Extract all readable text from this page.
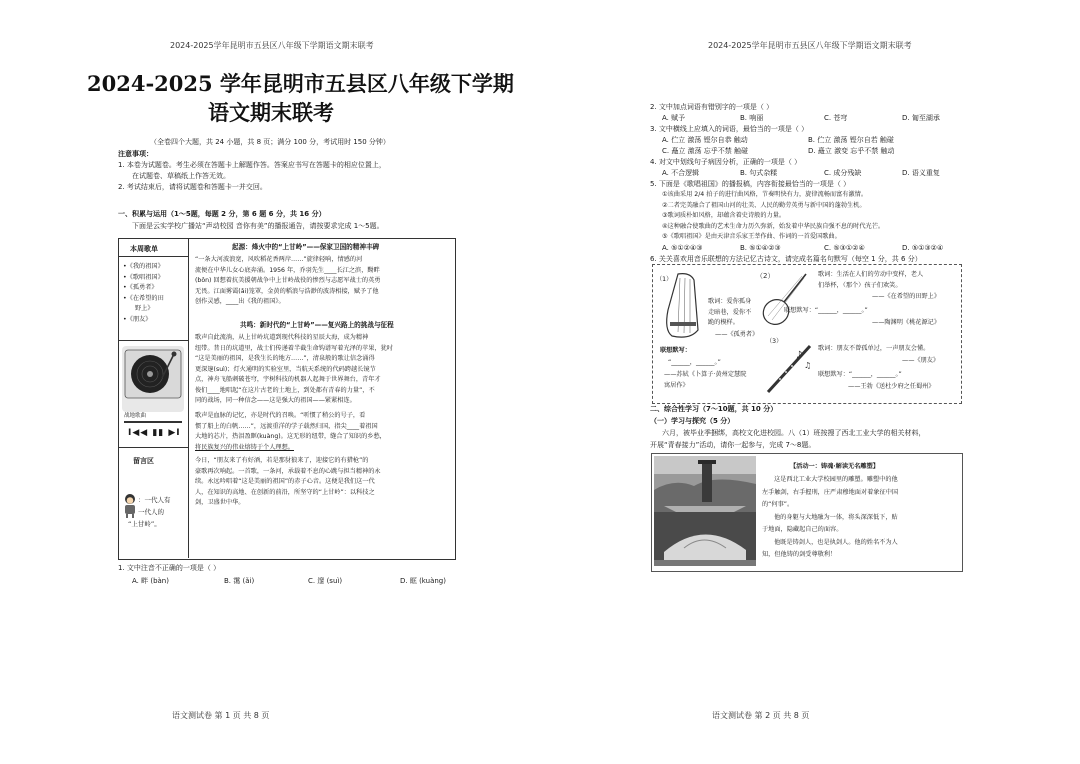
2024-2025学年昆明市五县区八年级下学期语文期末联考
2024-2025 学年昆明市五县区八年级下学期
语文期末联考
（全卷四个大题，共 24 小题，共 8 页；满分 100 分，考试用时 150 分钟）
注意事项：
1. 本卷为试题卷。考生必须在答题卡上解题作答。答案应书写在答题卡的相应位置上，
在试题卷、草稿纸上作答无效。
2. 考试结束后，请将试题卷和答题卡一并交回。
一、积累与运用（1～5题，每题 2 分，第 6 题 6 分，共 16 分）
下面是云实学校广播站“声动校园 音你有美”的播报通告，请按要求完成 1～5题。
本周歌单
•《我的祖国》
•《歌唱祖国》
•《孤勇者》
•《在希望的田
野上》
•《朋友》
战地歌曲
I◀◀ ▮▮ ▶I
留言区
：一代人有
一代人的
“上甘岭”。
起源：烽火中的“上甘岭”——保家卫国的精神丰碑
“一条大河波浪宽，风吹稻花香两岸……”旋律轻响，情感的河
流便在中华儿女心底奔涌。1956 年，乔羽先生____长江之滨，黝畔
(bǒn) 回想着抗美援朝战争中上甘岭战役的惨烈与志愿军战士的英勇
无畏。江面雾霭(ǎi)笼罩，金黄的稻浪与浩渺的波涛相接，赋予了他
创作灵感，____出《我的祖国》。
共鸣：新时代的“上甘岭”——复兴路上的挑战与征程
歌声自此流淌，从上甘岭坑道到现代科技的星辰大海，成为精神
纽带。昔日的坑道里，战士们传递着半截生命钩谱写着光泽的苹果，犹吋
“这是美丽的祖国，是我生长的地方……”，清泉般的歌让信念涌得
更深邃(suì)；灯火通明的实验室里，当航天系统的代码跨越长镜节
点，神舟飞船刺破苍穹，宇树科技的机器人起舞于世界舞台，青年才
俊们____地唱起“在这片古老的土地上，到处都有青春的力量”，不
同的战场，同一种信念——这是强大的祖国——紧紧相连。
歌声是血脉的记忆，亦是时代的召唤。“听惯了稍公的号子，看
惯了船上的白帆……”，远渡重洋的学子载然归国，指尖____着祖国
大地的芯片，热泪盈眶(kuàng)。这无形的纽带，缝合了知识的乡愁，
将民族复兴的伟业熔铸于个人理想。
今日，“朋友来了有好酒，若是那豺狼来了，迎接它的有猎枪”的
豪歌再次响起。一首歌，一条河，承载着不息的心跳与担当精神的永
续。永远吟唱着“这是美丽的祖国”的赤子心音。这便是我们这一代
人，在知识的高地、在创新的前沿，所坚守的“上甘岭”：以科技之
剑，卫盛世中华。
1. 文中注音不正确的一项是（ ）
A. 畔 (bàn)	B. 霭 (ǎi)	C. 邃 (suì)	D. 眶 (kuàng)
语文测试卷 第 1 页 共 8 页
2024-2025学年昆明市五县区八年级下学期语文期末联考
2. 文中加点词语有错别字的一项是（ ）
A. 赋予	B. 响丽	C. 苍穹	D. 匍至湖承
3. 文中横线上应填入的词语，最恰当的一项是（ ）
A. 伫立 激荡 铿尔自恭 触动	B. 伫立 激荡 铿尔自若 触碰
C. 矗立 激荡 忘乎不禁 触碰	D. 矗立 激变 忘乎不禁 触动
4. 对文中划线句子病因分析，正确的一项是（ ）
A. 不合逻辑	B. 句式杂糅	C. 成分残缺	D. 语义重复
5. 下面是《歌唱祖国》的播报稿，内容衔接最恰当的一项是（ ）
①该曲采用 2/4 拍子的进行曲风格，节奏明快有力，旋律流畅而富有激情。
②二者完美融合了祖国山河的壮美、人民的勤劳英勇与新中国的蓬勃生机。
③歌词质朴如风格，却蕴含着史诗般的力量。
④这种融合使歌曲的艺术生命力历久弥新，始发着中华民族自强不息的时代光芒。
⑤《歌唱祖国》是由天津音乐家王莘作曲、作词的一首爱国歌曲。
A. ⑤①②④③	B. ⑤①④②③	C. ⑤③①②④	D. ⑤①③②④
6. 关关喜欢用音乐联想的方法记忆古诗文，请完成名篇名句默写（每空 1 分，共 6 分）
（1）
歌词：爱你孤身
走暗巷，爱你不
跪的模样。
——《孤勇者》
联想默写：
“______，______。”
——苏轼《卜算子·黄州定慧院寓居作》
（2）	歌词：生活在人们的劳动中变样，老人
们举杯，（那个）孩子们欢笑。
——《在希望的田野上》
联想默写：“______，______。”
——陶渊明《桃花源记》
（3）
♪
♫
歌词：朋友不曾孤单过，一声朋友会懂。
——《朋友》
联想默写：“______，______。”
——王勃《送杜少府之任蜀州》
二、综合性学习（7～10题，共 10 分）
（一）学习与探究（5 分）
六月，被毕业季捆绑，高校文化进校园。八（1）班按搜了西北工业大学的相关材料，
开展“青春接力”活动，请你一起参与，完成 7～8题。
【活动一：铸魂·解读无名雕塑】
这是西北工业大学校园里的雕塑。雕塑中的他
左手触剑，右手握刑，庄严肃穆地面对着象征中国
的“何事”。
他的身躯与大地融为一体，将头深深低下，贴
于地面，隐藏起自己的面容。
他既是铸剑人，也是执剑人。他的姓名不为人
知，但他铸的剑受尊敬利！
语文测试卷 第 2 页 共 8 页
